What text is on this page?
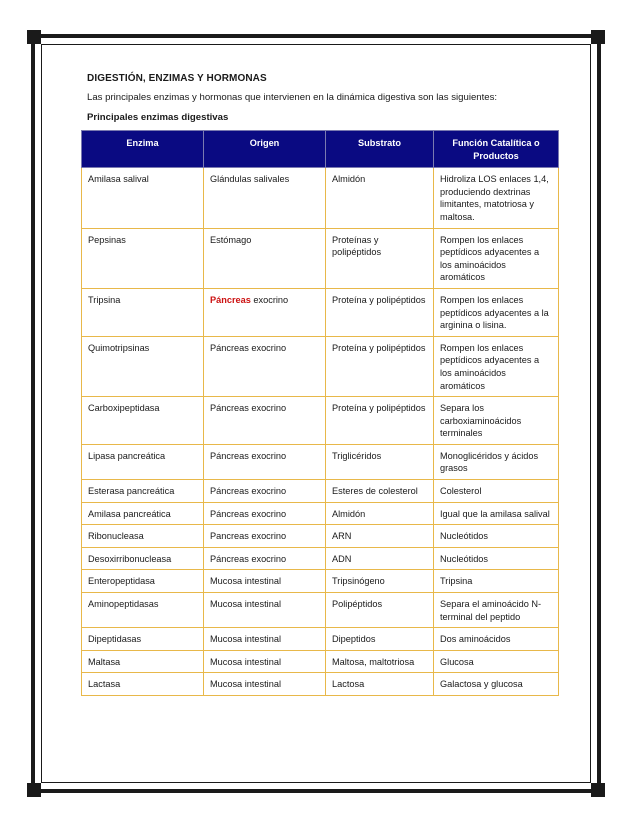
DIGESTIÓN, ENZIMAS Y HORMONAS

Las principales enzimas y hormonas que intervienen en la dinámica digestiva son las siguientes:

Principales enzimas digestivas

Enzima	Origen	Substrato	Función Catalítica o Productos
Amilasa salival	Glándulas salivales	Almidón	Hidroliza LOS enlaces 1,4, produciendo dextrinas limitantes, matotriosa y maltosa.
Pepsinas	Estómago	Proteínas y polipéptidos	Rompen los enlaces peptídicos adyacentes a los aminoácidos aromáticos
Tripsina	Páncreas exocrino	Proteína y polipéptidos	Rompen los enlaces peptídicos adyacentes a la arginina o lisina.
Quimotripsinas	Páncreas exocrino	Proteína y polipéptidos	Rompen los enlaces peptídicos adyacentes a los aminoácidos aromáticos
Carboxipeptidasa	Páncreas exocrino	Proteína y polipéptidos	Separa los carboxiaminoácidos terminales
Lipasa pancreática	Páncreas exocrino	Triglicéridos	Monoglicéridos y ácidos grasos
Esterasa pancreática	Páncreas exocrino	Esteres de colesterol	Colesterol
Amilasa pancreática	Páncreas exocrino	Almidón	Igual que la amilasa salival
Ribonucleasa	Pancreas exocrino	ARN	Nucleótidos
Desoxirribonucleasa	Páncreas exocrino	ADN	Nucleótidos
Enteropeptidasa	Mucosa intestinal	Tripsinógeno	Tripsina
Aminopeptidasas	Mucosa intestinal	Polipéptidos	Separa el aminoácido N-terminal del peptido
Dipeptidasas	Mucosa intestinal	Dipeptidos	Dos aminoácidos
Maltasa	Mucosa intestinal	Maltosa, maltotriosa	Glucosa
Lactasa	Mucosa intestinal	Lactosa	Galactosa y glucosa
